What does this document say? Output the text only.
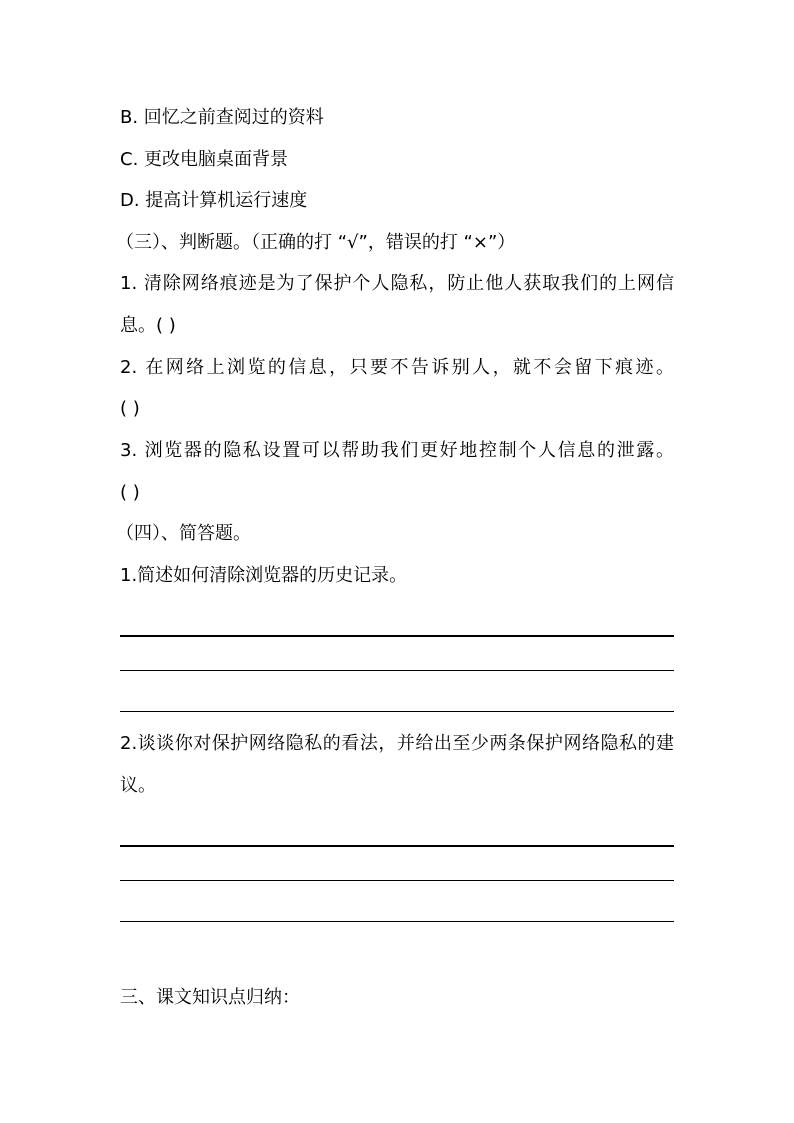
B. 回忆之前查阅过的资料
C. 更改电脑桌面背景
D. 提高计算机运行速度
（三）、判断题。（正确的打 “√”，错误的打 “×”）
1. 清除网络痕迹是为了保护个人隐私，防止他人获取我们的上网信
息。( )
2. 在网络上浏览的信息，只要不告诉别人，就不会留下痕迹。
( )
3. 浏览器的隐私设置可以帮助我们更好地控制个人信息的泄露。
( )
（四）、简答题。
1.简述如何清除浏览器的历史记录。
2.谈谈你对保护网络隐私的看法，并给出至少两条保护网络隐私的建
议。
三、课文知识点归纳：
